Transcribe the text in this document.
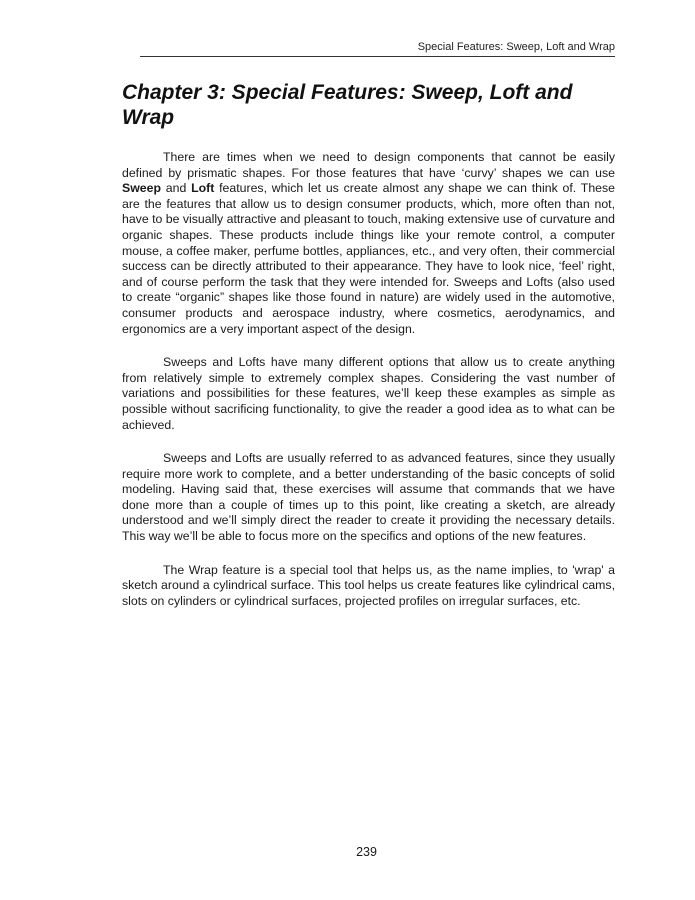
Special Features: Sweep, Loft and Wrap
Chapter 3: Special Features: Sweep, Loft and Wrap

There are times when we need to design components that cannot be easily defined by prismatic shapes. For those features that have ‘curvy’ shapes we can use Sweep and Loft features, which let us create almost any shape we can think of. These are the features that allow us to design consumer products, which, more often than not, have to be visually attractive and pleasant to touch, making extensive use of curvature and organic shapes. These products include things like your remote control, a computer mouse, a coffee maker, perfume bottles, appliances, etc., and very often, their commercial success can be directly attributed to their appearance. They have to look nice, ‘feel’ right, and of course perform the task that they were intended for. Sweeps and Lofts (also used to create “organic” shapes like those found in nature) are widely used in the automotive, consumer products and aerospace industry, where cosmetics, aerodynamics, and ergonomics are a very important aspect of the design.

Sweeps and Lofts have many different options that allow us to create anything from relatively simple to extremely complex shapes. Considering the vast number of variations and possibilities for these features, we’ll keep these examples as simple as possible without sacrificing functionality, to give the reader a good idea as to what can be achieved.

Sweeps and Lofts are usually referred to as advanced features, since they usually require more work to complete, and a better understanding of the basic concepts of solid modeling. Having said that, these exercises will assume that commands that we have done more than a couple of times up to this point, like creating a sketch, are already understood and we’ll simply direct the reader to create it providing the necessary details. This way we’ll be able to focus more on the specifics and options of the new features.

The Wrap feature is a special tool that helps us, as the name implies, to 'wrap' a sketch around a cylindrical surface. This tool helps us create features like cylindrical cams, slots on cylinders or cylindrical surfaces, projected profiles on irregular surfaces, etc.

239
